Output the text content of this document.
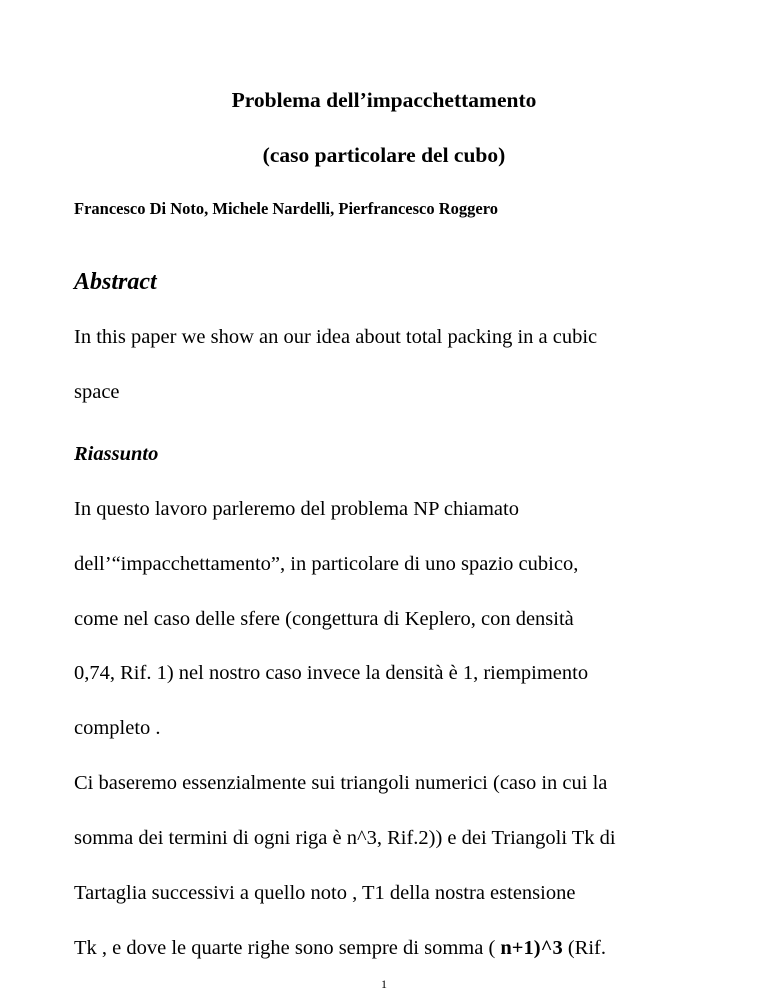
Problema dell’impacchettamento
(caso particolare del cubo)
Francesco Di Noto, Michele Nardelli, Pierfrancesco Roggero
Abstract
In this paper we show an our idea about total packing in a cubic
space
Riassunto
In questo lavoro parleremo del problema NP chiamato
dell’“impacchettamento”, in particolare di uno spazio cubico,
come nel caso delle sfere (congettura di Keplero, con densità
0,74, Rif. 1) nel nostro caso invece la densità è 1, riempimento
completo .
Ci baseremo essenzialmente sui triangoli numerici (caso in cui la
somma dei termini di ogni riga è n^3, Rif.2)) e dei Triangoli Tk di
Tartaglia successivi a quello noto , T1 della nostra estensione
Tk , e dove le quarte righe sono sempre di somma ( n+1)^3 (Rif.
1
